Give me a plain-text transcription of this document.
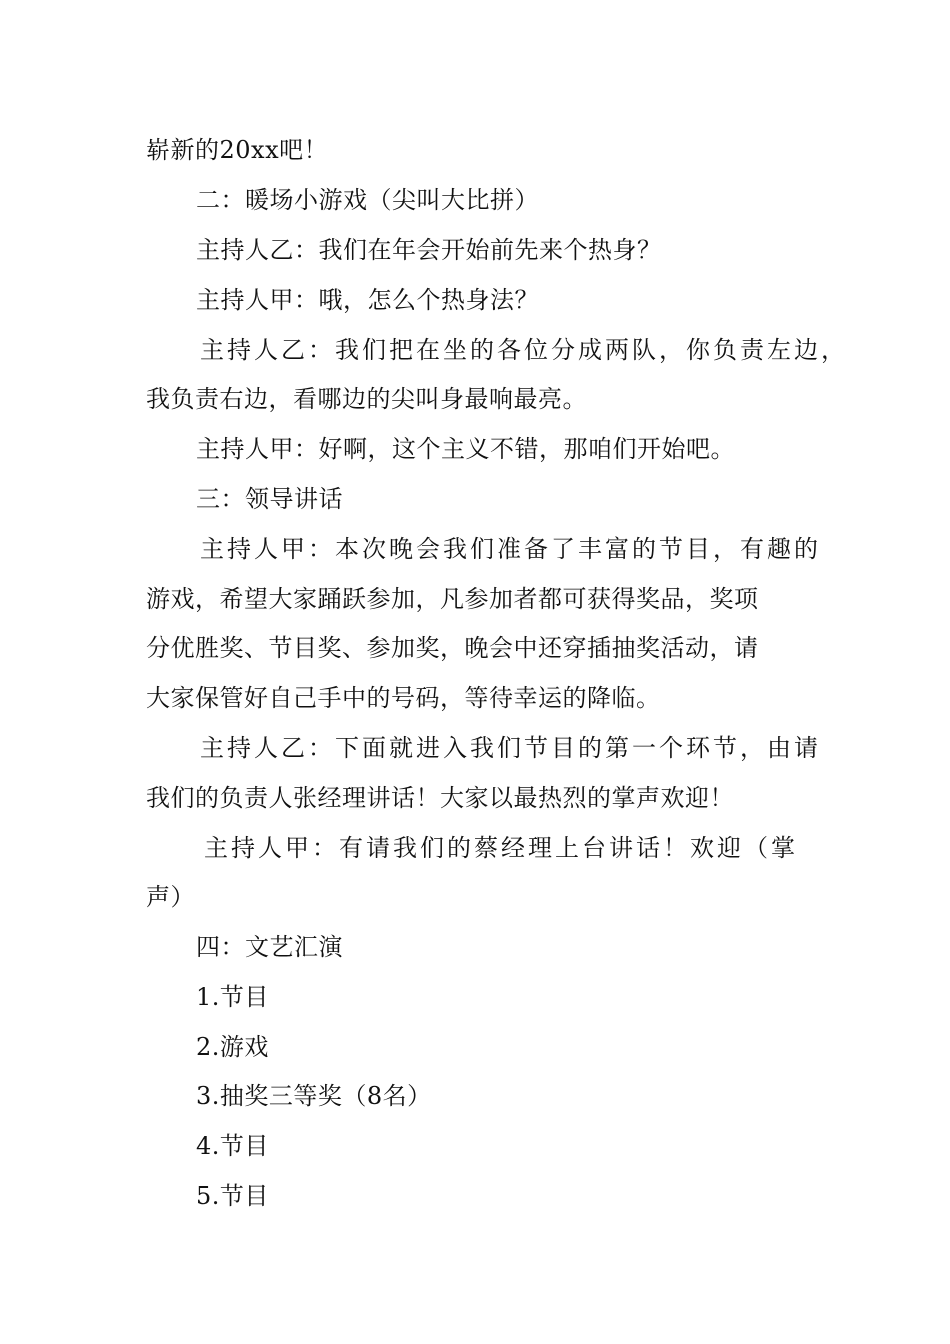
崭新的20xx吧！
二：暖场小游戏（尖叫大比拼）
主持人乙：我们在年会开始前先来个热身？
主持人甲：哦，怎么个热身法？
主持人乙：我们把在坐的各位分成两队，你负责左边，
我负责右边，看哪边的尖叫身最响最亮。
主持人甲：好啊，这个主义不错，那咱们开始吧。
三：领导讲话
主持人甲：本次晚会我们准备了丰富的节目，有趣的
游戏，希望大家踊跃参加，凡参加者都可获得奖品，奖项
分优胜奖、节目奖、参加奖，晚会中还穿插抽奖活动，请
大家保管好自己手中的号码，等待幸运的降临。
主持人乙：下面就进入我们节目的第一个环节，由请
我们的负责人张经理讲话！大家以最热烈的掌声欢迎！
主持人甲：有请我们的蔡经理上台讲话！欢迎（掌
声）
四：文艺汇演
1.节目
2.游戏
3.抽奖三等奖（8名）
4.节目
5.节目
